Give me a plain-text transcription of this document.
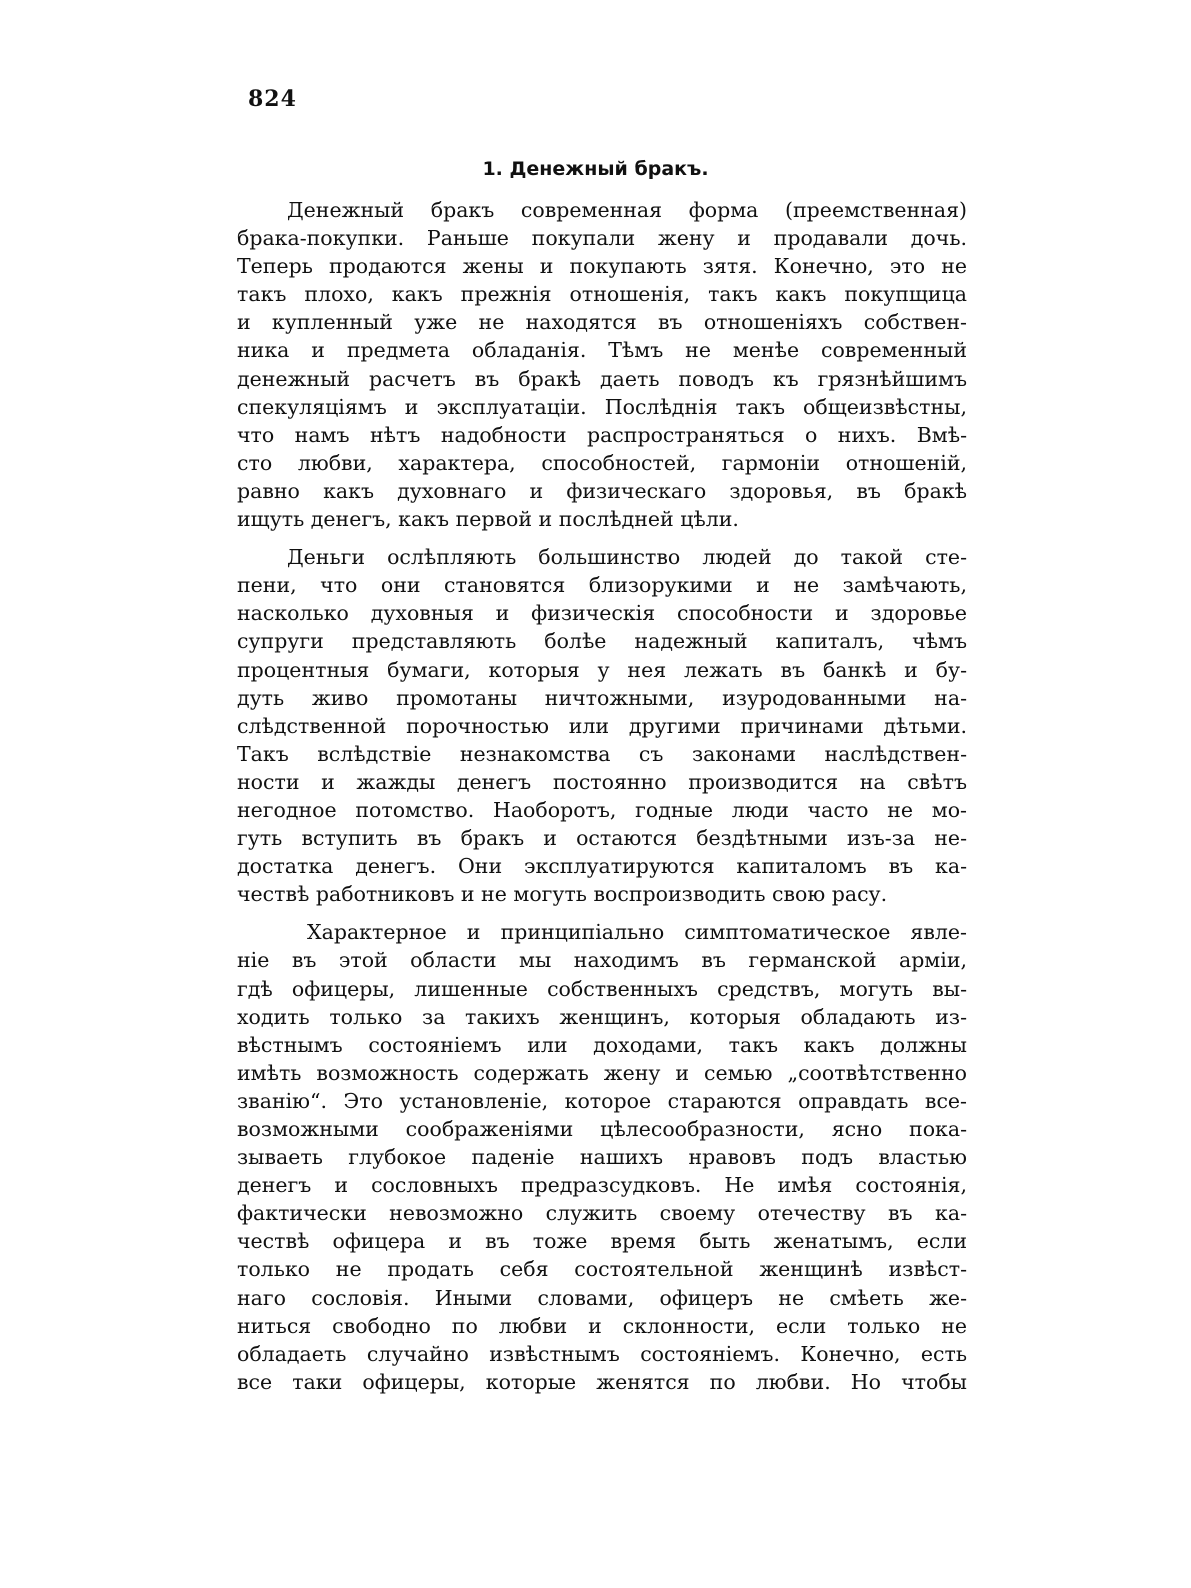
824
1. Денежный бракъ.
Денежный бракъ современная форма (преемственная)
брака-покупки. Раньше покупали жену и продавали дочь.
Теперь продаются жены и покупають зятя. Конечно, это не
такъ плохо, какъ прежнія отношенія, такъ какъ покупщица
и купленный уже не находятся въ отношеніяхъ собствен-
ника и предмета обладанія. Тѣмъ не менѣе современный
денежный расчетъ въ бракѣ даеть поводъ къ грязнѣйшимъ
спекуляціямъ и эксплуатаціи. Послѣднія такъ общеизвѣстны,
что намъ нѣтъ надобности распространяться о нихъ. Вмѣ-
сто любви, характера, способностей, гармоніи отношеній,
равно какъ духовнаго и физическаго здоровья, въ бракѣ
ищуть денегъ, какъ первой и послѣдней цѣли.
Деньги ослѣпляють большинство людей до такой сте-
пени, что они становятся близорукими и не замѣчають,
насколько духовныя и физическія способности и здоровье
супруги представляють болѣе надежный капиталъ, чѣмъ
процентныя бумаги, которыя у нея лежать въ банкѣ и бу-
дуть живо промотаны ничтожными, изуродованными на-
слѣдственной порочностью или другими причинами дѣтьми.
Такъ вслѣдствіе незнакомства съ законами наслѣдствен-
ности и жажды денегъ постоянно производится на свѣтъ
негодное потомство. Наоборотъ, годные люди часто не мо-
гуть вступить въ бракъ и остаются бездѣтными изъ-за не-
достатка денегъ. Они эксплуатируются капиталомъ въ ка-
чествѣ работниковъ и не могуть воспроизводить свою расу.
Характерное и принципіально симптоматическое явле-
ніе въ этой области мы находимъ въ германской арміи,
гдѣ офицеры, лишенные собственныхъ средствъ, могуть вы-
ходить только за такихъ женщинъ, которыя обладають из-
вѣстнымъ состояніемъ или доходами, такъ какъ должны
имѣть возможность содержать жену и семью „соотвѣтственно
званію“. Это установленіе, которое стараются оправдать все-
возможными соображеніями цѣлесообразности, ясно пока-
зываеть глубокое паденіе нашихъ нравовъ подъ властью
денегъ и сословныхъ предразсудковъ. Не имѣя состоянія,
фактически невозможно служить своему отечеству въ ка-
чествѣ офицера и въ тоже время быть женатымъ, если
только не продать себя состоятельной женщинѣ извѣст-
наго сословія. Иными словами, офицеръ не смѣеть же-
ниться свободно по любви и склонности, если только не
обладаеть случайно извѣстнымъ состояніемъ. Конечно, есть
все таки офицеры, которые женятся по любви. Но чтобы
